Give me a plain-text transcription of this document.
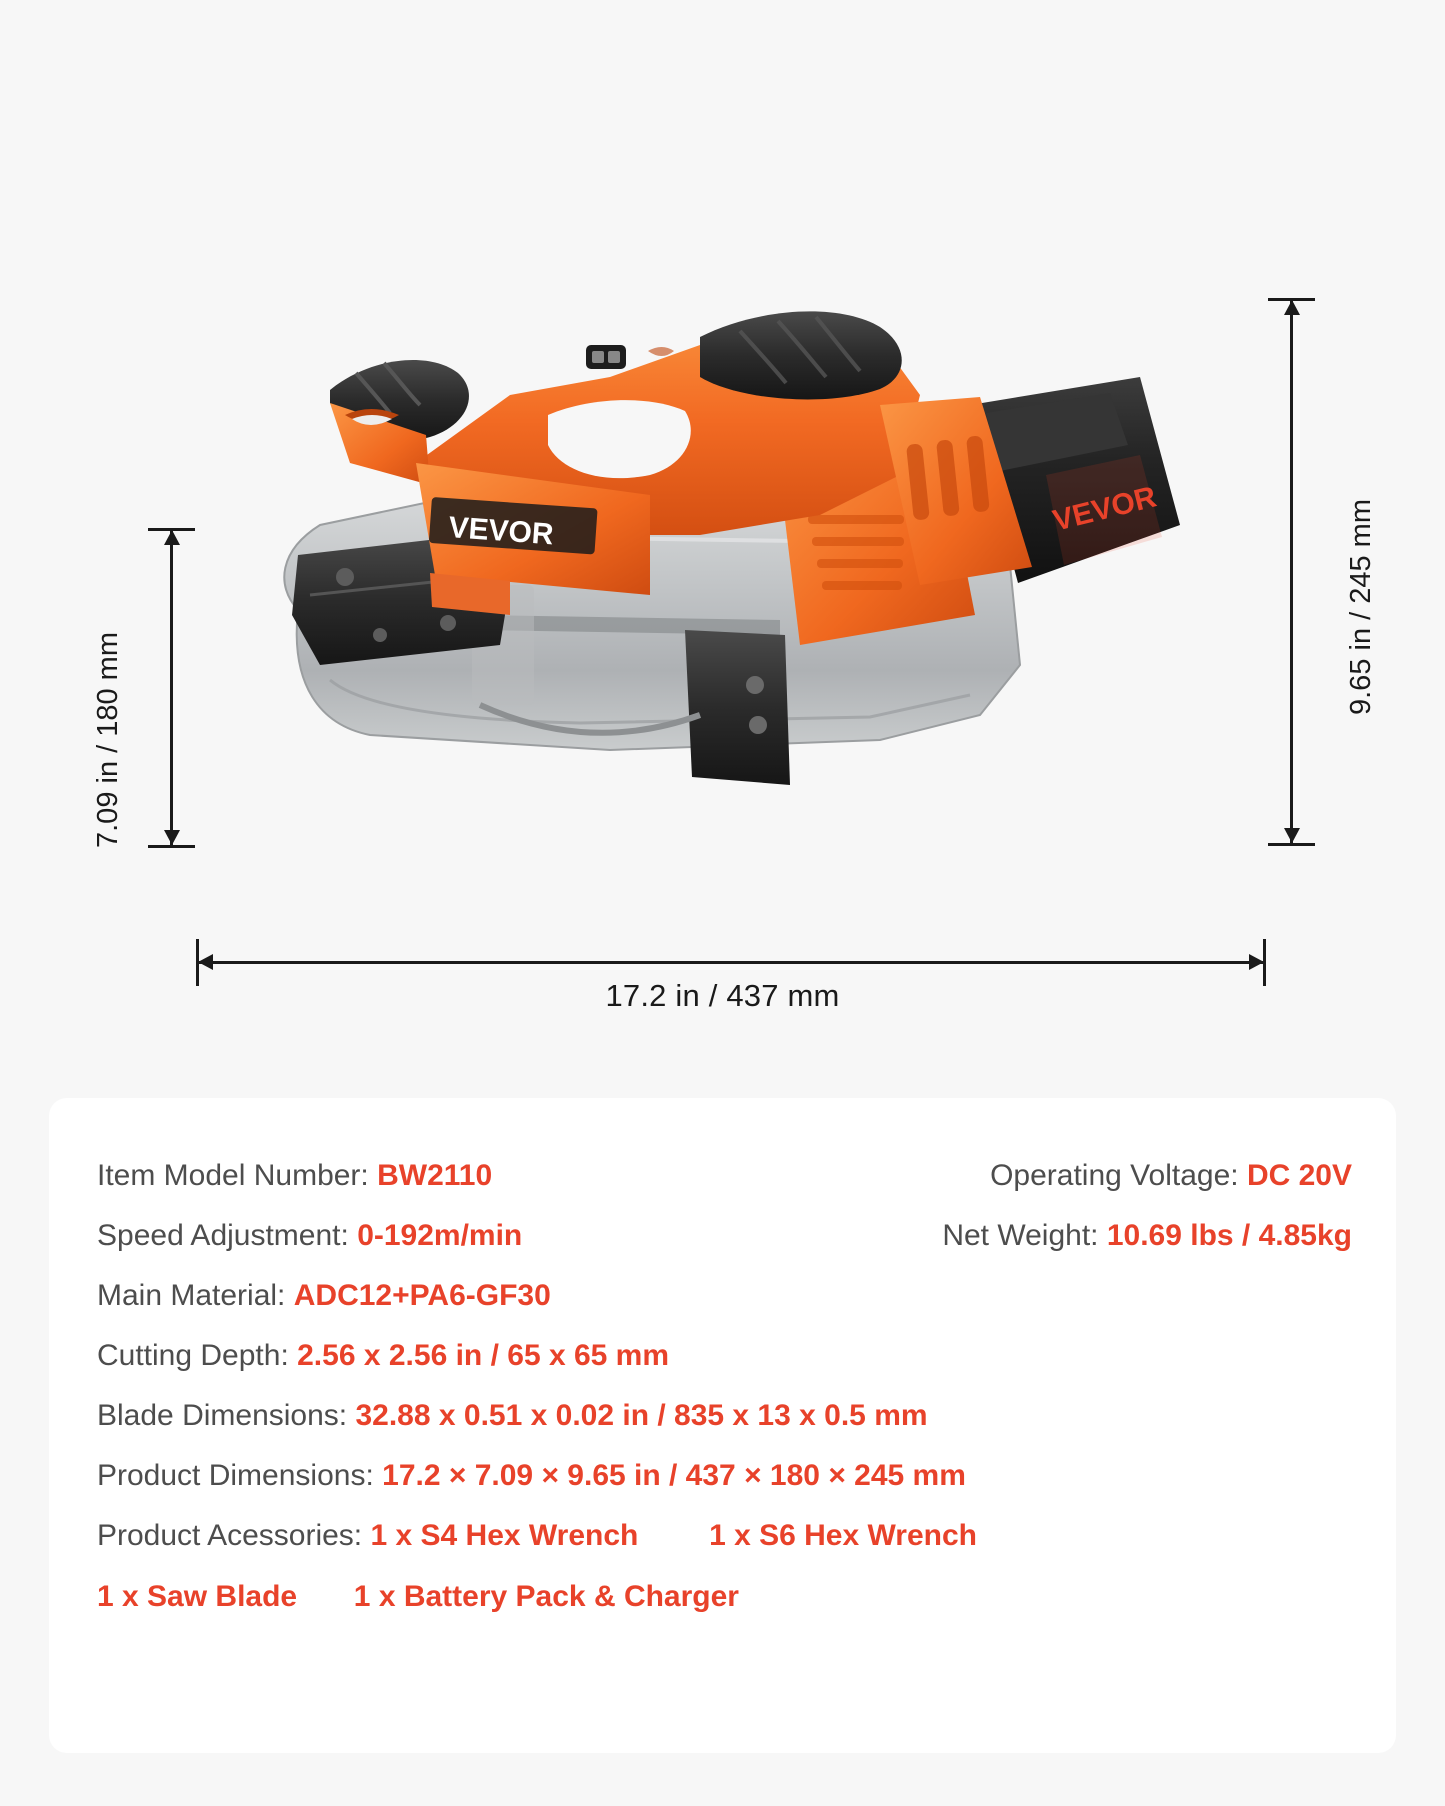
VEVOR	VEVOR
7.09 in / 180 mm
9.65 in / 245 mm
17.2 in / 437 mm
Item Model Number: BW2110	Operating Voltage: DC 20V
Speed Adjustment: 0-192m/min	Net Weight: 10.69 lbs / 4.85kg
Main Material: ADC12+PA6-GF30
Cutting Depth: 2.56 x 2.56 in / 65 x 65 mm
Blade Dimensions: 32.88 x 0.51 x 0.02 in / 835 x 13 x 0.5 mm
Product Dimensions: 17.2 × 7.09 × 9.65 in / 437 × 180 × 245 mm
Product Acessories: 1 x S4 Hex Wrench 1 x S6 Hex Wrench
1 x Saw Blade 1 x Battery Pack & Charger
